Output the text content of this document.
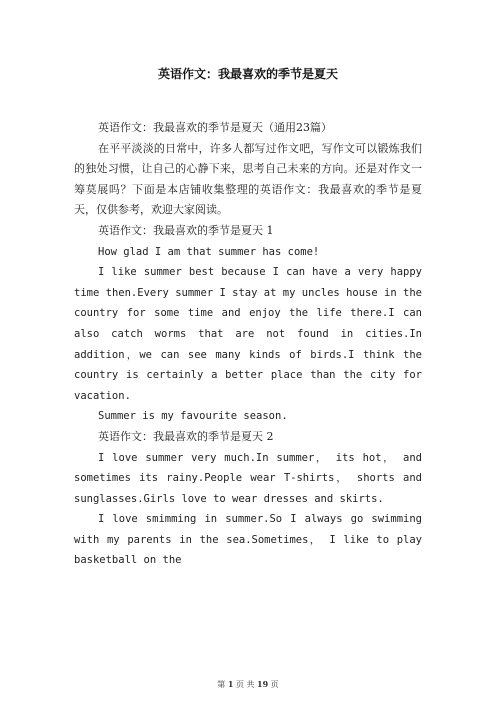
英语作文：我最喜欢的季节是夏天

英语作文：我最喜欢的季节是夏天（通用23篇）

在平平淡淡的日常中，许多人都写过作文吧，写作文可以锻炼我们的独处习惯，让自己的心静下来，思考自己未来的方向。还是对作文一筹莫展吗？下面是本店铺收集整理的英语作文：我最喜欢的季节是夏天，仅供参考，欢迎大家阅读。

英语作文：我最喜欢的季节是夏天 1

How glad I am that summer has come!

I like summer best because I can have a very happy time then.Every summer I stay at my uncles house in the country for some time and enjoy the life there.I can also catch worms that are not found in cities.In addition，we can see many kinds of birds.I think the country is certainly a better place than the city for vacation.

Summer is my favourite season.

英语作文：我最喜欢的季节是夏天 2

I love summer very much.In summer， its hot， and sometimes its rainy.People wear T-shirts， shorts and sunglasses.Girls love to wear dresses and skirts.

I love smimming in summer.So I always go swimming with my parents in the sea.Sometimes， I like to play basketball on the

第 1 页 共 19 页
